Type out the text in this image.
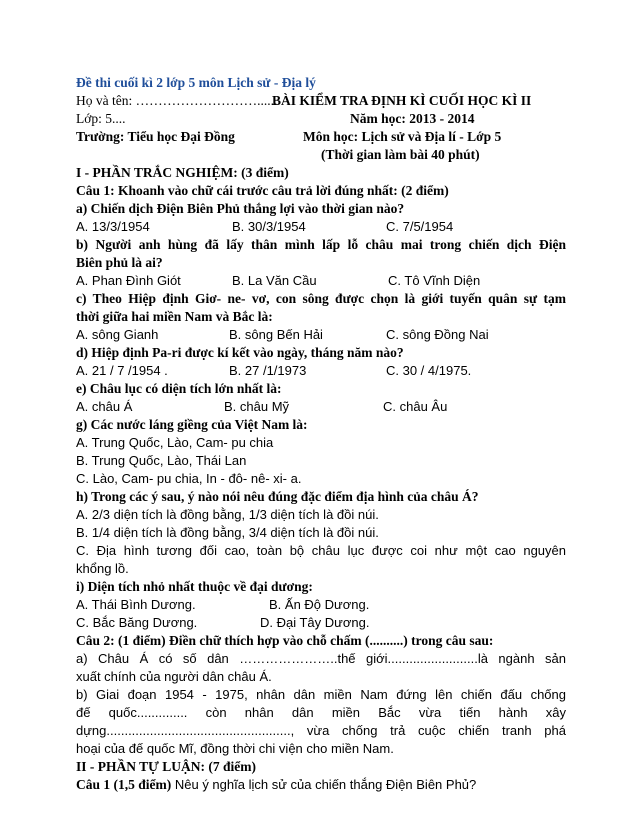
Đề thi cuối kì 2 lớp 5 môn Lịch sử - Địa lý
Họ và tên: ………………………......
BÀI KIỂM TRA ĐỊNH KÌ CUỐI HỌC KÌ II
Lớp: 5....	Năm học: 2013 - 2014
Trường: Tiểu học Đại Đồng	Môn học: Lịch sử và Địa lí - Lớp 5
(Thời gian làm bài 40 phút)
I - PHẦN TRẮC NGHIỆM: (3 điểm)
Câu 1: Khoanh vào chữ cái trước câu trả lời đúng nhất: (2 điểm)
a) Chiến dịch Điện Biên Phủ thắng lợi vào thời gian nào?
A. 13/3/1954	B. 30/3/1954	C. 7/5/1954
b) Người anh hùng đã lấy thân mình lấp lỗ châu mai trong chiến dịch Điện
Biên phủ là ai?
A. Phan Đình Giót	B. La Văn Cầu	C. Tô Vĩnh Diện
c) Theo Hiệp định Giơ- ne- vơ, con sông được chọn là giới tuyến quân sự tạm
thời giữa hai miền Nam và Bắc là:
A. sông Gianh	B. sông Bến Hải	C. sông Đồng Nai
d) Hiệp định Pa-ri được kí kết vào ngày, tháng năm nào?
A. 21 / 7 /1954 .	B. 27 /1/1973	C. 30 / 4/1975.
e) Châu lục có diện tích lớn nhất là:
A. châu Á	B. châu Mỹ	C. châu Âu
g) Các nước láng giềng của Việt Nam là:
A. Trung Quốc, Lào, Cam- pu chia
B. Trung Quốc, Lào, Thái Lan
C. Lào, Cam- pu chia, In - đô- nê- xi- a.
h) Trong các ý sau, ý nào nói nêu đúng đặc điểm địa hình của châu Á?
A. 2/3 diện tích là đồng bằng, 1/3 diện tích là đồi núi.
B. 1/4 diện tích là đồng bằng, 3/4 diện tích là đồi núi.
C. Địa hình tương đối cao, toàn bộ châu lục được coi như một cao nguyên
khổng lồ.
i) Diện tích nhỏ nhất thuộc về đại dương:
A. Thái Bình Dương.	B. Ấn Độ Dương.
C. Bắc Băng Dương.	D. Đại Tây Dương.
Câu 2: (1 điểm) Điền chữ thích hợp vào chỗ chấm (..........) trong câu sau:
a) Châu Á có số dân …………………..thế giới.........................là ngành sản
xuất chính của người dân châu Á.
b) Giai đoạn 1954 - 1975, nhân dân miền Nam đứng lên chiến đấu chống
đế quốc.............. còn nhân dân miền Bắc vừa tiến hành xây
dựng..................................................., vừa chống trả cuộc chiến tranh phá
hoại của đế quốc Mĩ, đồng thời chi viện cho miền Nam.
II - PHẦN TỰ LUẬN: (7 điểm)
Câu 1 (1,5 điểm) Nêu ý nghĩa lịch sử của chiến thắng Điện Biên Phủ?
